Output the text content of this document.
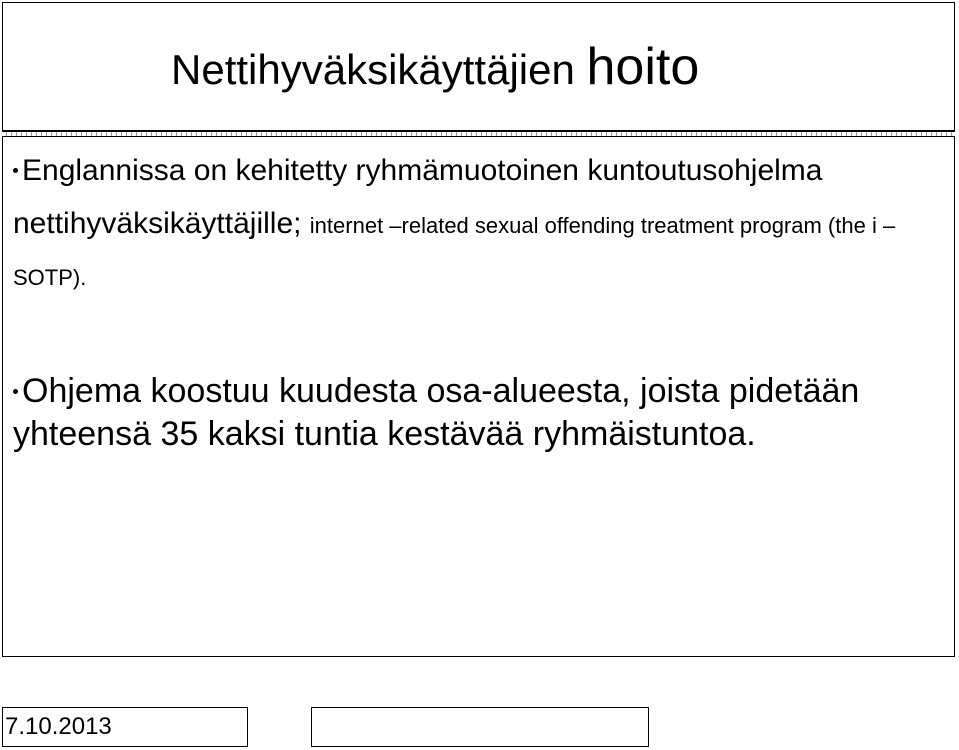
Nettihyväksikäyttäjien hoito

Englannissa on kehitetty ryhmämuotoinen kuntoutusohjelma nettihyväksikäyttäjille; internet –related sexual offending treatment program (the i –SOTP).

Ohjema koostuu kuudesta osa-alueesta, joista pidetään yhteensä 35 kaksi tuntia kestävää ryhmäistuntoa.

7.10.2013
